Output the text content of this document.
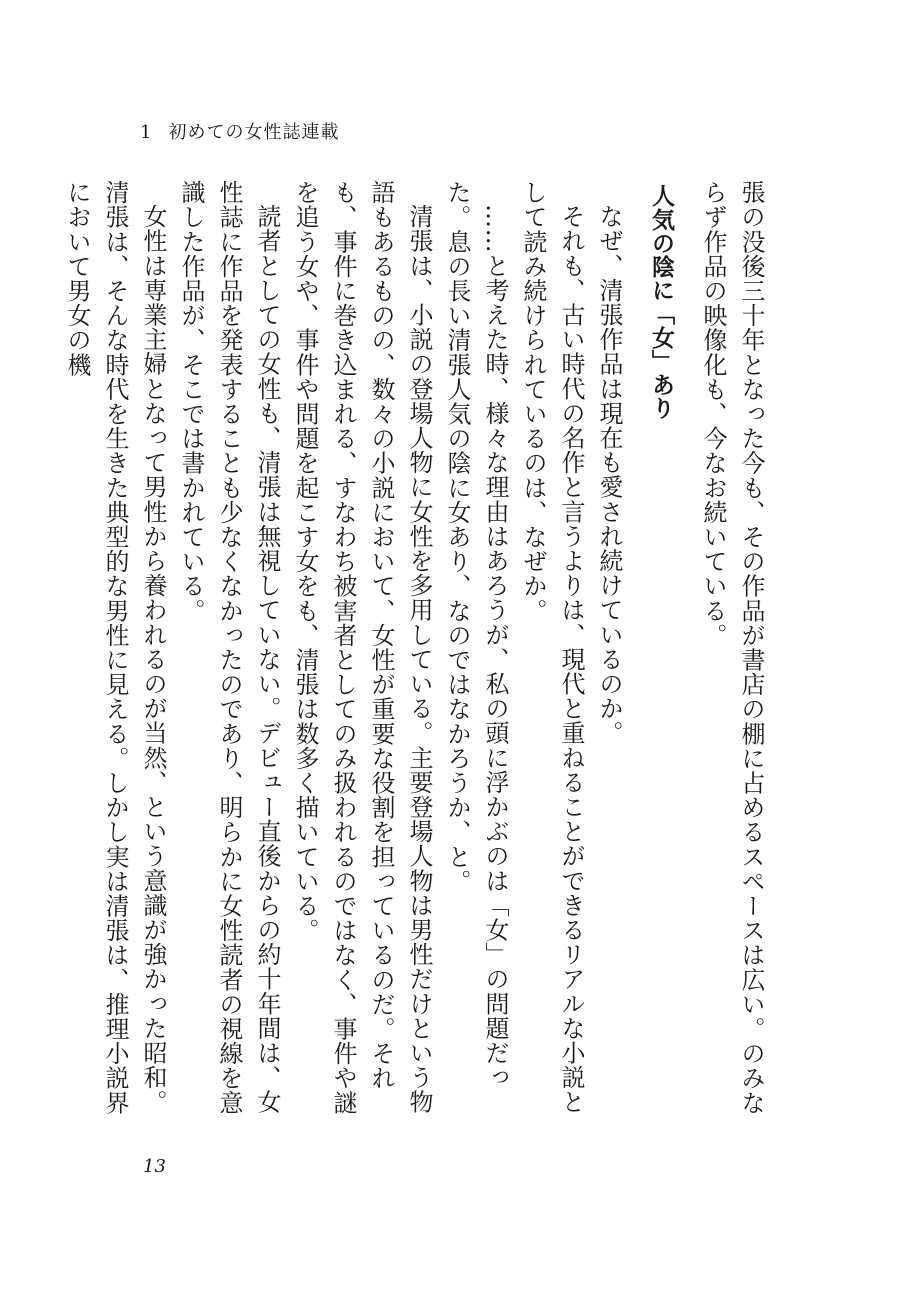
1 初めての女性誌連載

張の没後三十年となった今も、その作品が書店の棚に占めるスペースは広い。のみならず作品の映像化も、今なお続いている。

人気の陰に「女」あり

なぜ、清張作品は現在も愛され続けているのか。

それも、古い時代の名作と言うよりは、現代と重ねることができるリアルな小説として読み続けられているのは、なぜか。

……と考えた時、様々な理由はあろうが、私の頭に浮かぶのは「女」の問題だった。息の長い清張人気の陰に女あり、なのではなかろうか、と。

清張は、小説の登場人物に女性を多用している。主要登場人物は男性だけという物語もあるものの、数々の小説において、女性が重要な役割を担っているのだ。それも、事件に巻き込まれる、すなわち被害者としてのみ扱われるのではなく、事件や謎を追う女や、事件や問題を起こす女をも、清張は数多く描いている。

読者としての女性も、清張は無視していない。デビュー直後からの約十年間は、女性誌に作品を発表することも少なくなかったのであり、明らかに女性読者の視線を意識した作品が、そこでは書かれている。

女性は専業主婦となって男性から養われるのが当然、という意識が強かった昭和。清張は、そんな時代を生きた典型的な男性に見える。しかし実は清張は、推理小説界において男女の機

13
